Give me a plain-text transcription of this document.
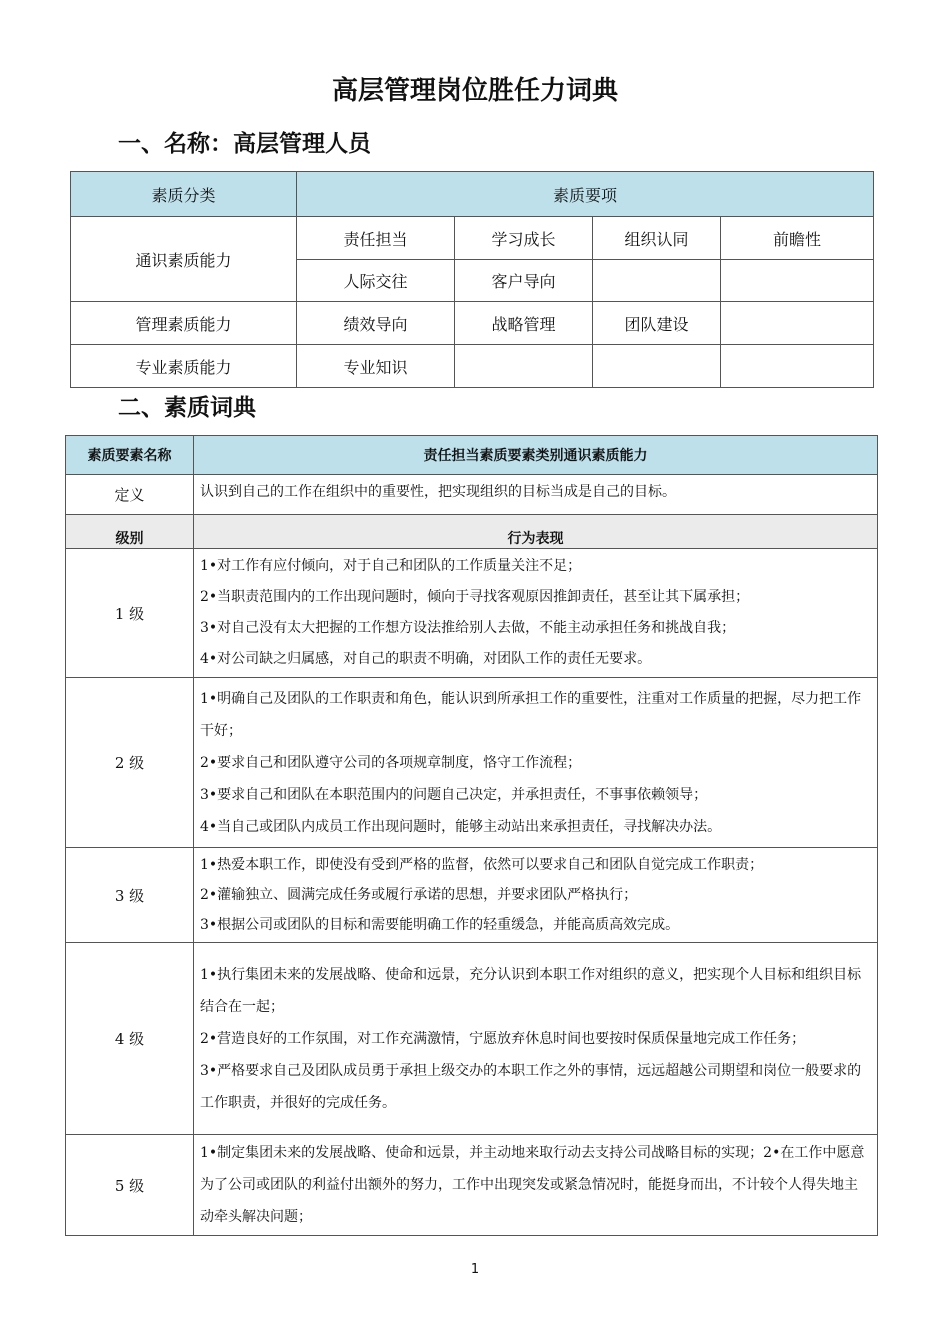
高层管理岗位胜任力词典
一、名称：高层管理人员
素质分类	素质要项			
通识素质能力	责任担当	学习成长	组织认同	前瞻性
	人际交往	客户导向		
管理素质能力	绩效导向	战略管理	团队建设	
专业素质能力	专业知识			
二、素质词典
素质要素名称	责任担当素质要素类别通识素质能力
定义	认识到自己的工作在组织中的重要性，把实现组织的目标当成是自己的目标。
级别	行为表现
1 级	1•对工作有应付倾向，对于自己和团队的工作质量关注不足；
2•当职责范围内的工作出现问题时，倾向于寻找客观原因推卸责任，甚至让其下属承担；
3•对自己没有太大把握的工作想方设法推给别人去做，不能主动承担任务和挑战自我；
4•对公司缺之归属感，对自己的职责不明确，对团队工作的责任无要求。

2 级	1•明确自己及团队的工作职责和角色，能认识到所承担工作的重要性，注重对工作质量的把握，尽力把工作干好；
2•要求自己和团队遵守公司的各项规章制度，恪守工作流程；
3•要求自己和团队在本职范围内的问题自己决定，并承担责任，不事事依赖领导；
4•当自己或团队内成员工作出现问题时，能够主动站出来承担责任，寻找解决办法。

3 级	1•热爱本职工作，即使没有受到严格的监督，依然可以要求自己和团队自觉完成工作职责；
2•灌输独立、圆满完成任务或履行承诺的思想，并要求团队严格执行；
3•根据公司或团队的目标和需要能明确工作的轻重缓急，并能高质高效完成。

4 级	1•执行集团未来的发展战略、使命和远景，充分认识到本职工作对组织的意义，把实现个人目标和组织目标结合在一起；
2•营造良好的工作氛围，对工作充满激情，宁愿放弃休息时间也要按时保质保量地完成工作任务；
3•严格要求自己及团队成员勇于承担上级交办的本职工作之外的事情，远远超越公司期望和岗位一般要求的工作职责，并很好的完成任务。

5 级	1•制定集团未来的发展战略、使命和远景，并主动地来取行动去支持公司战略目标的实现；2•在工作中愿意为了公司或团队的利益付出额外的努力，工作中出现突发或紧急情况时，能挺身而出，不计较个人得失地主动牵头解决问题；
1
